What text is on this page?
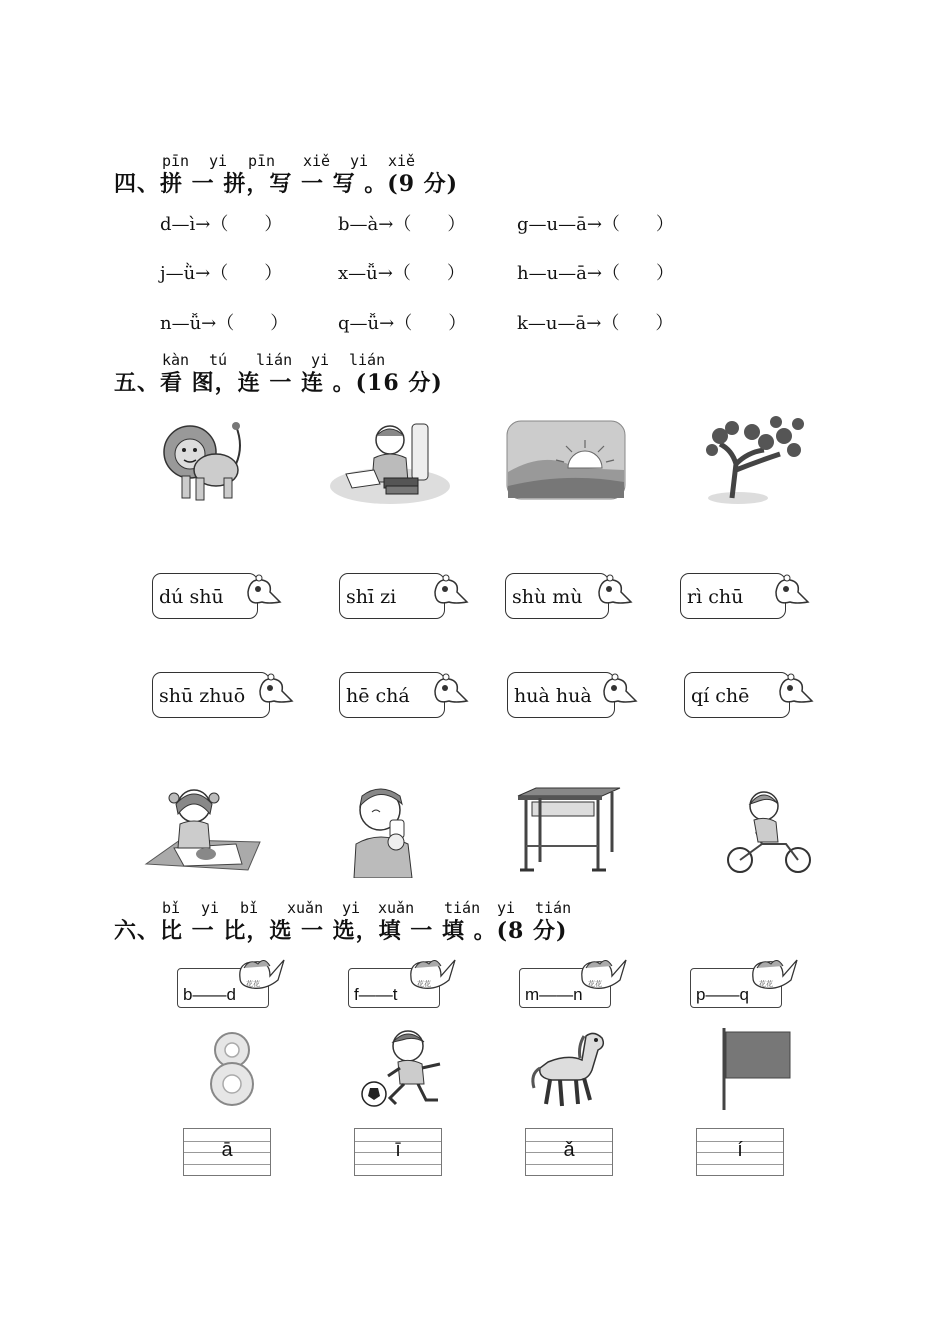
pīn yi pīn xiě yi xiě
四、拼 一 拼，写 一 写 。(9 分)
d—ì→（　　）	b—à→（　　）	g—u—ā→（　　）
j—ǜ→（　　）	x—ǚ→（　　）	h—u—ā→（　　）
n—ǚ→（　　）	q—ǚ→（　　）	k—u—ā→（　　）
kàn tú lián yi lián
五、看 图，连 一 连 。(16 分)
dú shū	shī zi	shù mù	rì chū
shū zhuō	hē chá	huà huà	qí chē
bǐ yi bǐ xuǎn yi xuǎn tián yi tián
六、比 一 比，选 一 选，填 一 填 。(8 分)
b——d
花花
f——t
花花
m——n
花花
p——q
花花
ā	ī	ǎ	í
